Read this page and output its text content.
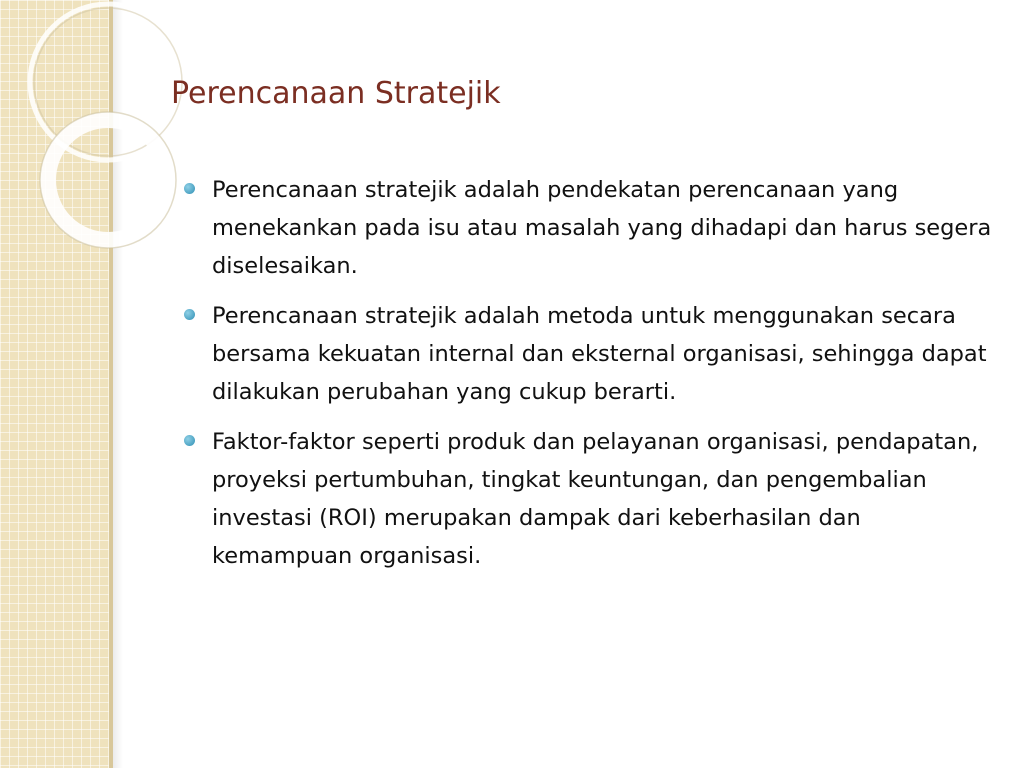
Perencanaan Stratejik
Perencanaan stratejik adalah pendekatan perencanaan yang menekankan pada isu atau masalah yang dihadapi dan harus segera diselesaikan.
Perencanaan stratejik adalah metoda untuk menggunakan secara bersama kekuatan internal dan eksternal organisasi, sehingga dapat dilakukan perubahan yang cukup berarti.
Faktor-faktor seperti produk dan pelayanan organisasi, pendapatan, proyeksi pertumbuhan, tingkat keuntungan, dan pengembalian investasi (ROI) merupakan dampak dari keberhasilan dan kemampuan organisasi.
